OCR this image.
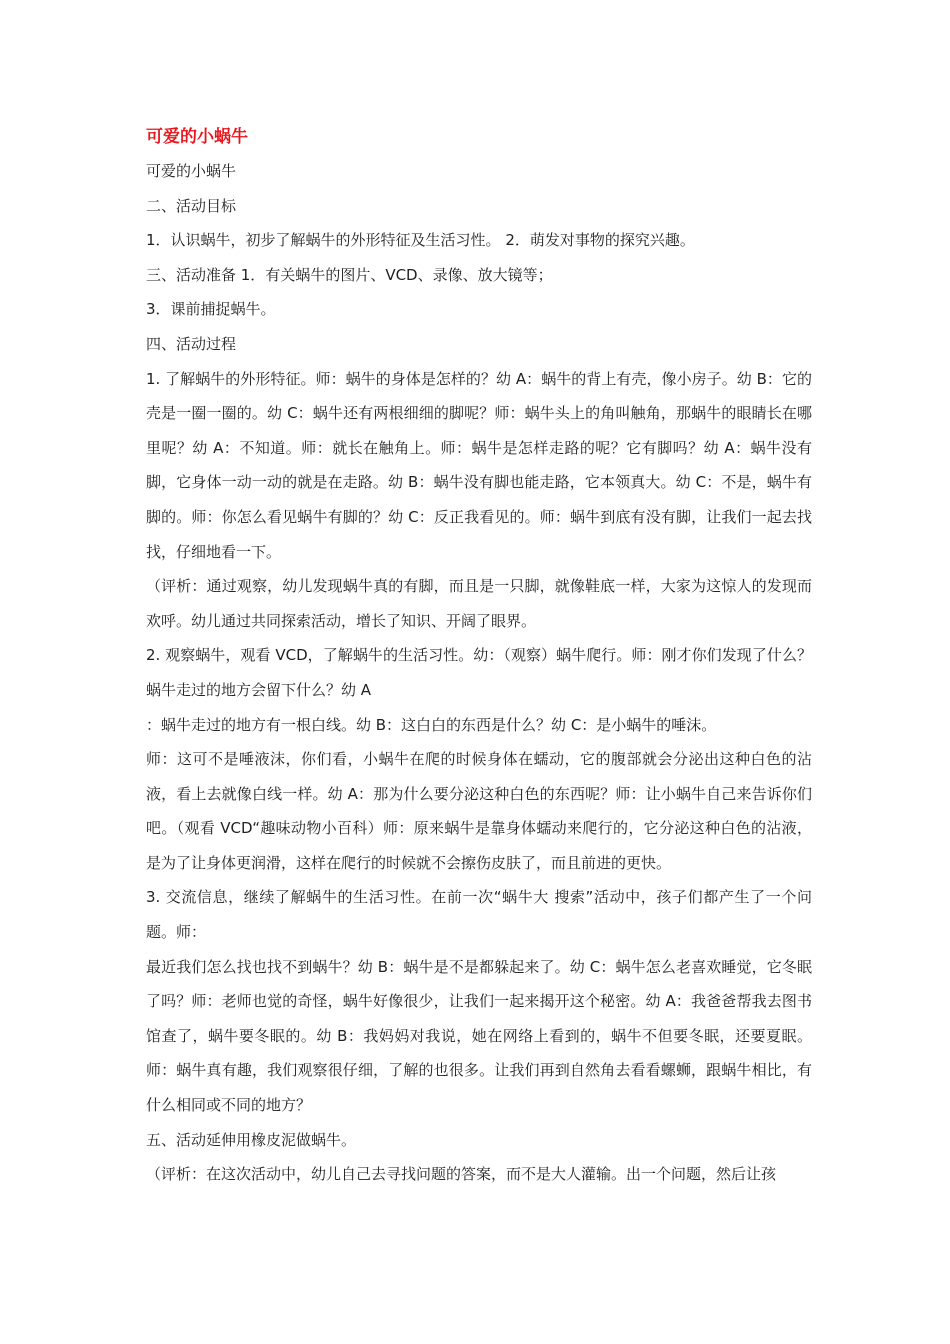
可爱的小蜗牛

可爱的小蜗牛

二、活动目标

1．认识蜗牛，初步了解蜗牛的外形特征及生活习性。 2．萌发对事物的探究兴趣。

三、活动准备 1．有关蜗牛的图片、VCD、录像、放大镜等；

3．课前捕捉蜗牛。

四、活动过程

1. 了解蜗牛的外形特征。师：蜗牛的身体是怎样的？幼 A：蜗牛的背上有壳，像小房子。幼 B：它的壳是一圈一圈的。幼 C：蜗牛还有两根细细的脚呢？师：蜗牛头上的角叫触角，那蜗牛的眼睛长在哪里呢？幼 A：不知道。师：就长在触角上。师：蜗牛是怎样走路的呢？它有脚吗？幼 A：蜗牛没有脚，它身体一动一动的就是在走路。幼 B：蜗牛没有脚也能走路，它本领真大。幼 C：不是，蜗牛有脚的。师：你怎么看见蜗牛有脚的？幼 C：反正我看见的。师：蜗牛到底有没有脚，让我们一起去找找，仔细地看一下。

（评析：通过观察，幼儿发现蜗牛真的有脚，而且是一只脚，就像鞋底一样，大家为这惊人的发现而欢呼。幼儿通过共同探索活动，增长了知识、开阔了眼界。

2. 观察蜗牛，观看 VCD，了解蜗牛的生活习性。幼：（观察）蜗牛爬行。师：刚才你们发现了什么？蜗牛走过的地方会留下什么？幼 A

：蜗牛走过的地方有一根白线。幼 B：这白白的东西是什么？幼 C：是小蜗牛的唾沫。

师：这可不是唾液沫，你们看，小蜗牛在爬的时候身体在蠕动，它的腹部就会分泌出这种白色的沾液，看上去就像白线一样。幼 A：那为什么要分泌这种白色的东西呢？师：让小蜗牛自己来告诉你们吧。（观看 VCD“趣味动物小百科）师：原来蜗牛是靠身体蠕动来爬行的，它分泌这种白色的沾液，是为了让身体更润滑，这样在爬行的时候就不会擦伤皮肤了，而且前进的更快。

3. 交流信息，继续了解蜗牛的生活习性。在前一次“蜗牛大 搜索”活动中，孩子们都产生了一个问题。师：

最近我们怎么找也找不到蜗牛？幼 B：蜗牛是不是都躲起来了。幼 C：蜗牛怎么老喜欢睡觉，它冬眠了吗？师：老师也觉的奇怪，蜗牛好像很少，让我们一起来揭开这个秘密。幼 A：我爸爸帮我去图书馆查了，蜗牛要冬眠的。幼 B：我妈妈对我说，她在网络上看到的，蜗牛不但要冬眠，还要夏眠。师：蜗牛真有趣，我们观察很仔细，了解的也很多。让我们再到自然角去看看螺蛳，跟蜗牛相比，有什么相同或不同的地方？

五、活动延伸用橡皮泥做蜗牛。

（评析：在这次活动中，幼儿自己去寻找问题的答案，而不是大人灌输。出一个问题，然后让孩
